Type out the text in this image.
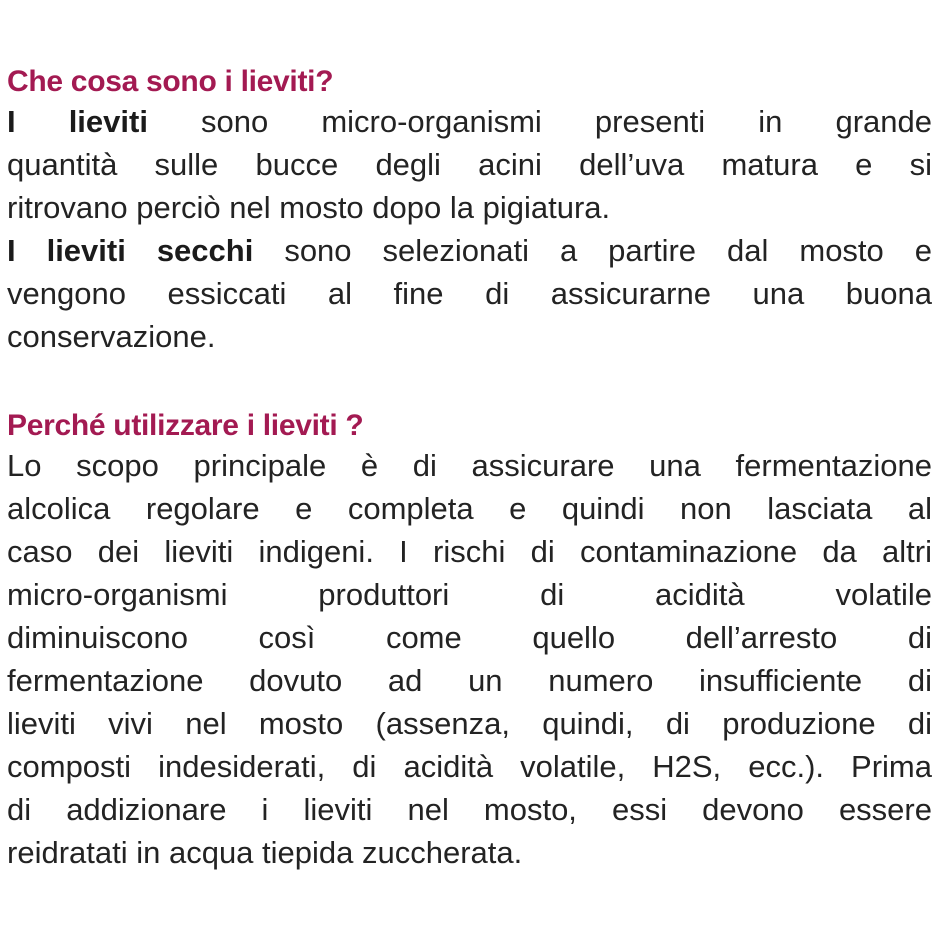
Che cosa sono i lieviti?
I lieviti sono micro-organismi presenti in grande
quantità sulle bucce degli acini dell’uva matura e si
ritrovano perciò nel mosto dopo la pigiatura.
I lieviti secchi sono selezionati a partire dal mosto e
vengono essiccati al fine di assicurarne una buona
conservazione.
Perché utilizzare i lieviti ?
Lo scopo principale è di assicurare una fermentazione
alcolica regolare e completa e quindi non lasciata al
caso dei lieviti indigeni. I rischi di contaminazione da altri
micro-organismi produttori di acidità volatile
diminuiscono così come quello dell’arresto di
fermentazione dovuto ad un numero insufficiente di
lieviti vivi nel mosto (assenza, quindi, di produzione di
composti indesiderati, di acidità volatile, H2S, ecc.). Prima
di addizionare i lieviti nel mosto, essi devono essere
reidratati in acqua tiepida zuccherata.
